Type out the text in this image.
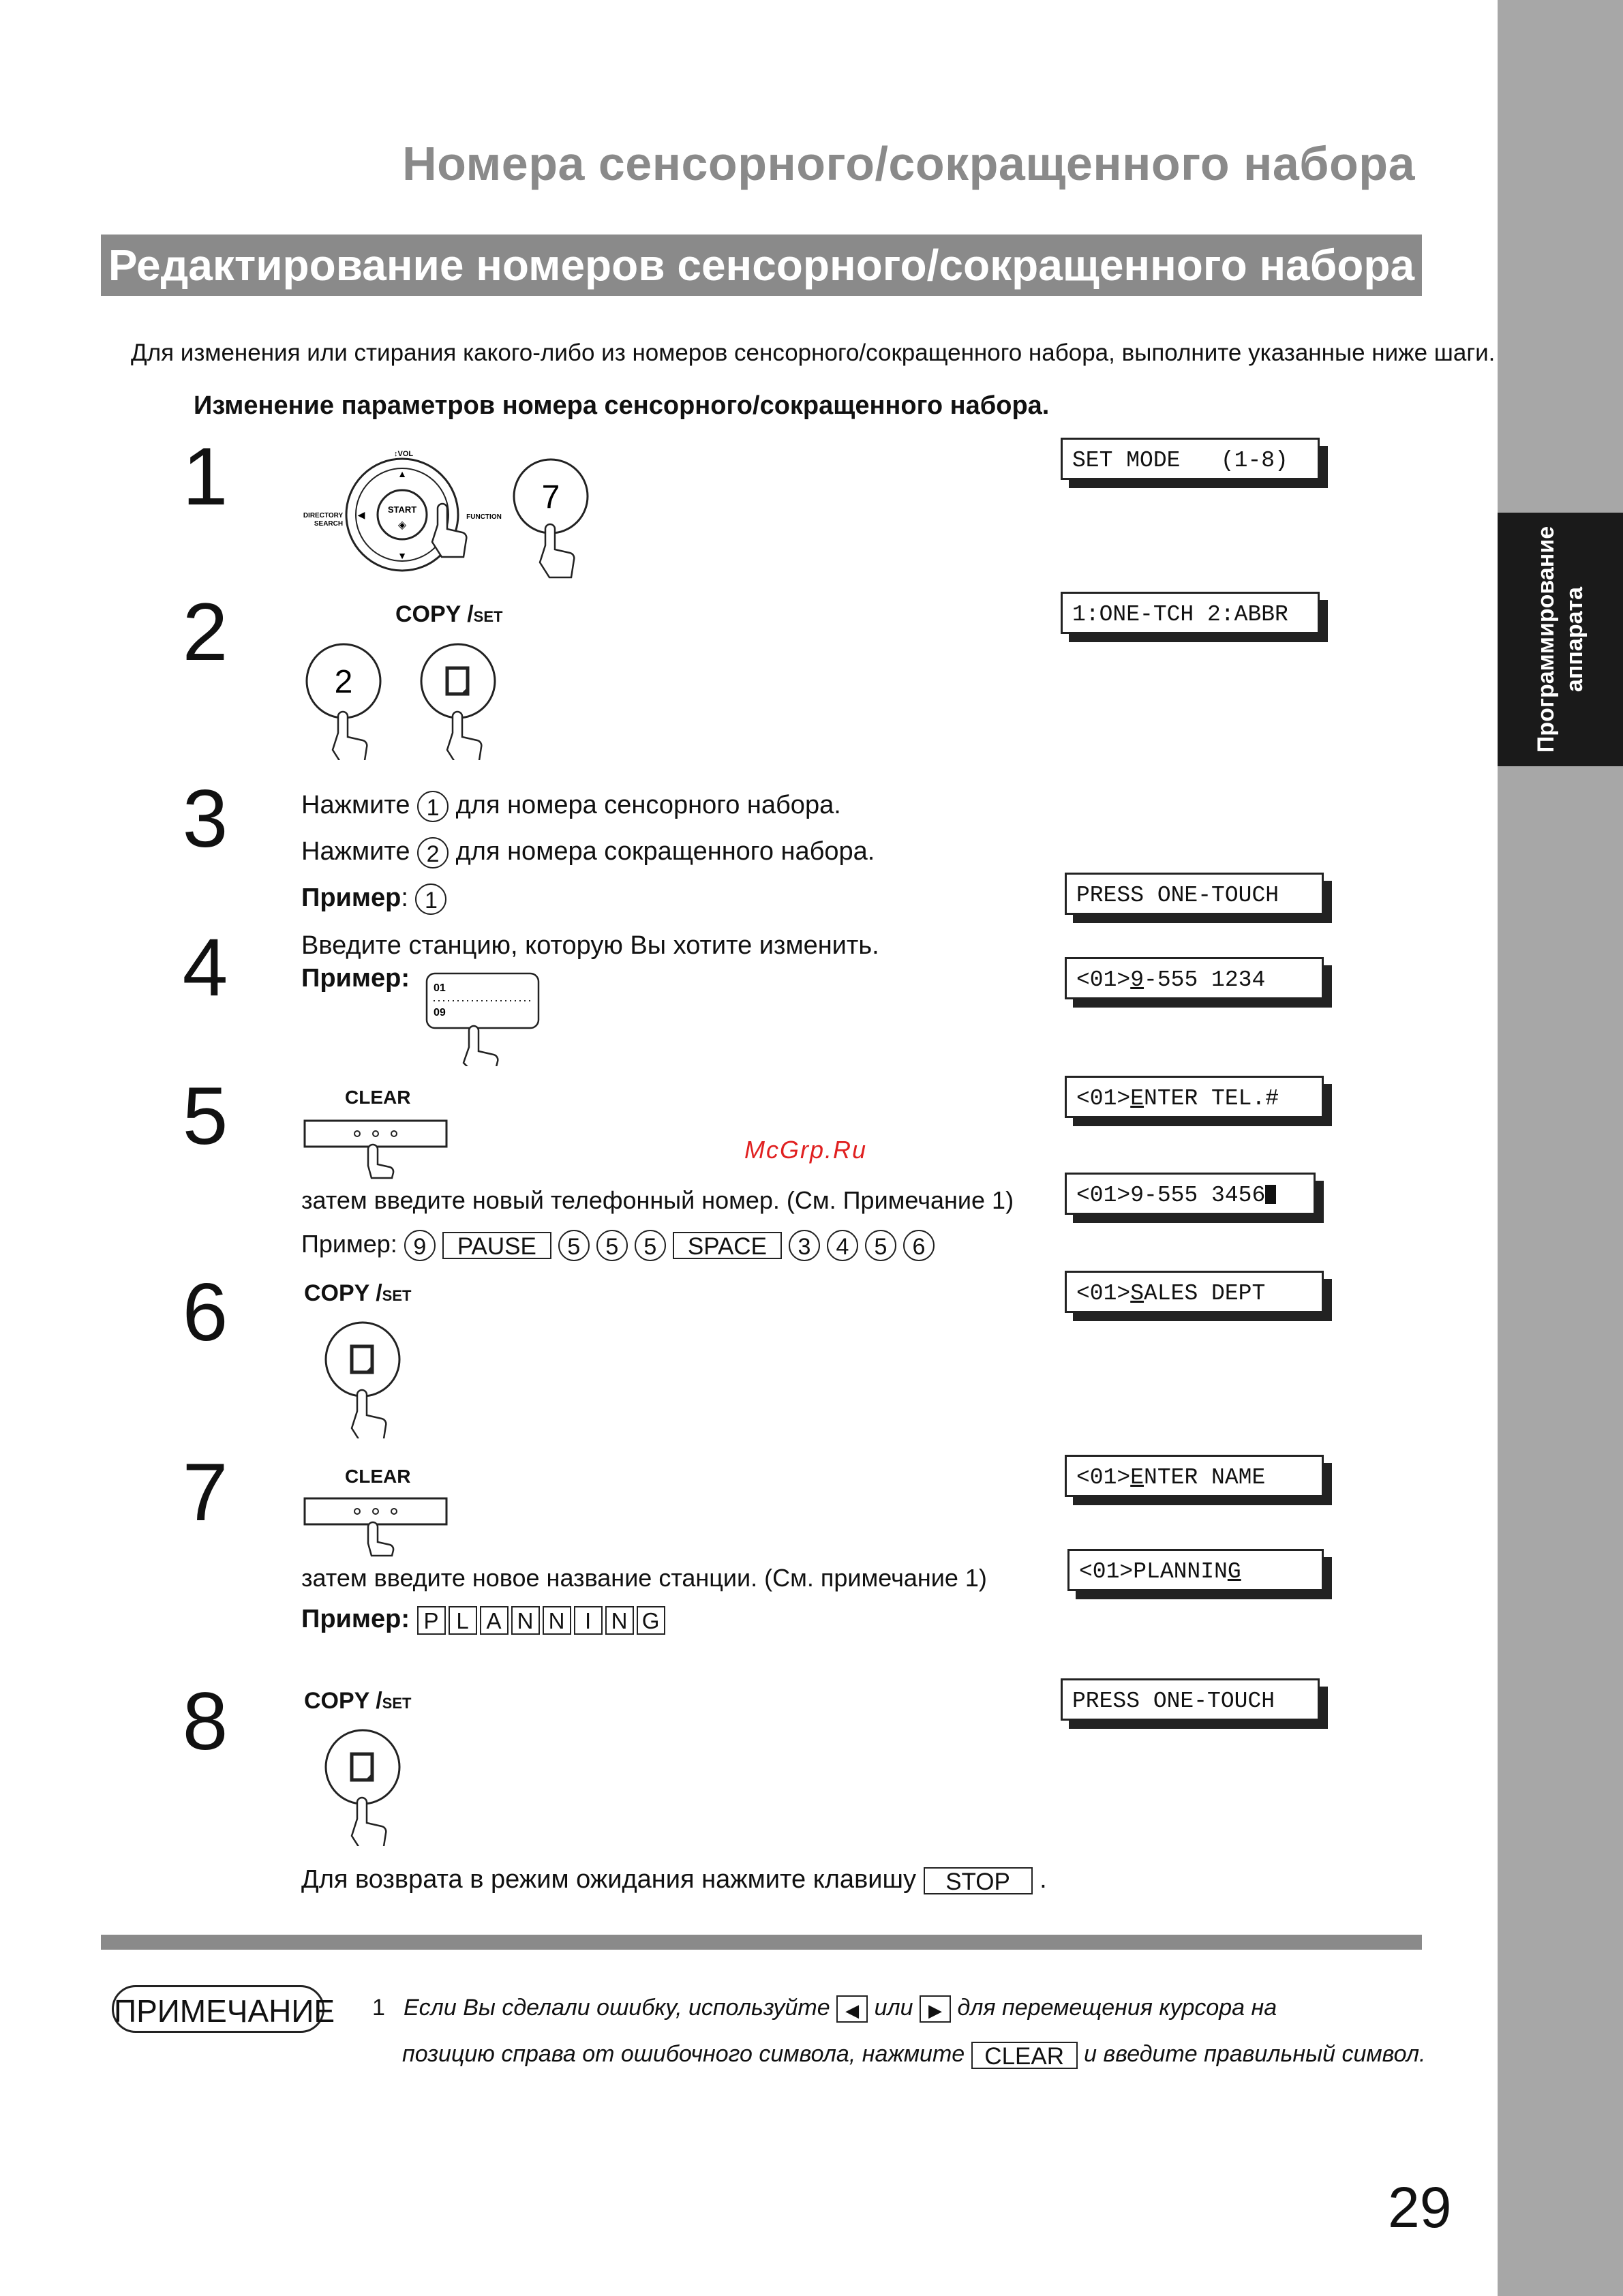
Программирование аппарата
Номера сенсорного/сокращенного набора
Редактирование номеров сенсорного/сокращенного набора
Для изменения или стирания какого-либо из номеров сенсорного/сокращенного набора, выполните указанные ниже шаги.
Изменение параметров номера сенсорного/сокращенного набора.
1	START
◈
▲
▼
◀
↕VOL
DIRECTORY
SEARCH
FUNCTION
7
SET MODE   (1-8)
2	COPY /SET
2
1:ONE-TCH 2:ABBR
3	Нажмите 1 для номера сенсорного набора.
Нажмите 2 для номера сокращенного набора.
Пример: 1	PRESS ONE-TOUCH
4	Введите станцию, которую Вы хотите изменить.
Пример: 01
09
<01>9-555 1234
5	CLEAR	<01>ENTER TEL.#
затем введите новый телефонный номер. (См. Примечание 1)	<01>9-555 3456
Пример: 9 PAUSE 5 5 5 SPACE 3 4 5 6
6	COPY /SET	<01>SALES DEPT
7	CLEAR	<01>ENTER NAME
затем введите новое название станции. (См. примечание 1)	<01>PLANNING
Пример: P L A N N I N G
8	COPY /SET	PRESS ONE-TOUCH
Для возврата в режим ожидания нажмите клавишу STOP .
McGrp.Ru
ПРИМЕЧАНИЕ 1 Если Вы сделали ошибку, используйте ◀ или ▶ для перемещения курсора на
позицию справа от ошибочного символа, нажмите CLEAR и введите правильный символ.
29
